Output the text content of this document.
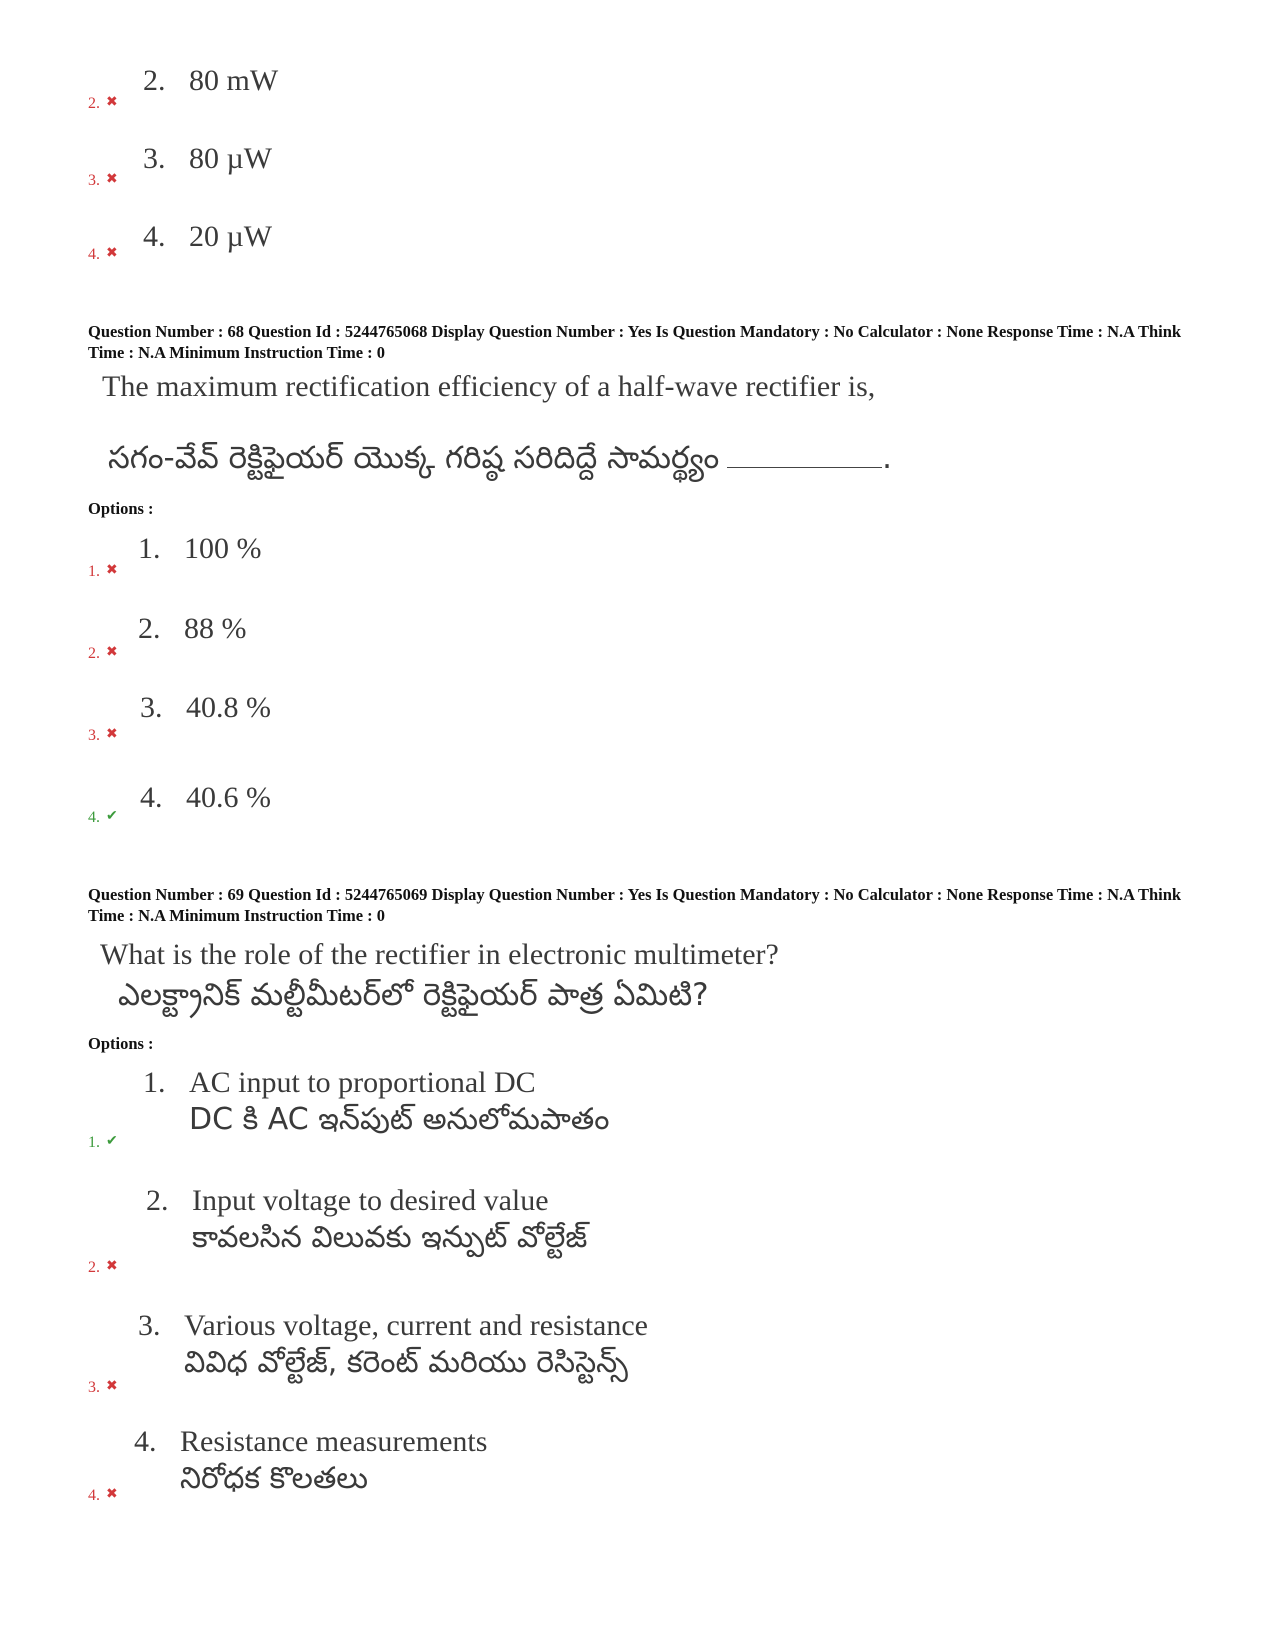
2. 80 mW
2. ✖
3. 80 µW
3. ✖
4. 20 µW
4. ✖
Question Number : 68 Question Id : 5244765068 Display Question Number : Yes Is Question Mandatory : No Calculator : None Response Time : N.A Think Time : N.A Minimum Instruction Time : 0
The maximum rectification efficiency of a half-wave rectifier is,
సగం-వేవ్ రెక్టిఫైయర్ యొక్క గరిష్ఠ సరిదిద్దే సామర్థ్యం	.
Options :
1. 100 %
1. ✖
2. 88 %
2. ✖
3. 40.8 %
3. ✖
4. 40.6 %
4. ✔
Question Number : 69 Question Id : 5244765069 Display Question Number : Yes Is Question Mandatory : No Calculator : None Response Time : N.A Think Time : N.A Minimum Instruction Time : 0
What is the role of the rectifier in electronic multimeter?
ఎలక్ట్రానిక్ మల్టీమీటర్‌లో రెక్టిఫైయర్ పాత్ర ఏమిటి?
Options :
1. AC input to proportional DC
DC కి AC ఇన్‌పుట్ అనులోమపాతం
1. ✔
2. Input voltage to desired value
కావలసిన విలువకు ఇన్పుట్ వోల్టేజ్
2. ✖
3. Various voltage, current and resistance
వివిధ వోల్టేజ్, కరెంట్ మరియు రెసిస్టెన్స్
3. ✖
4. Resistance measurements
నిరోధక కొలతలు
4. ✖
